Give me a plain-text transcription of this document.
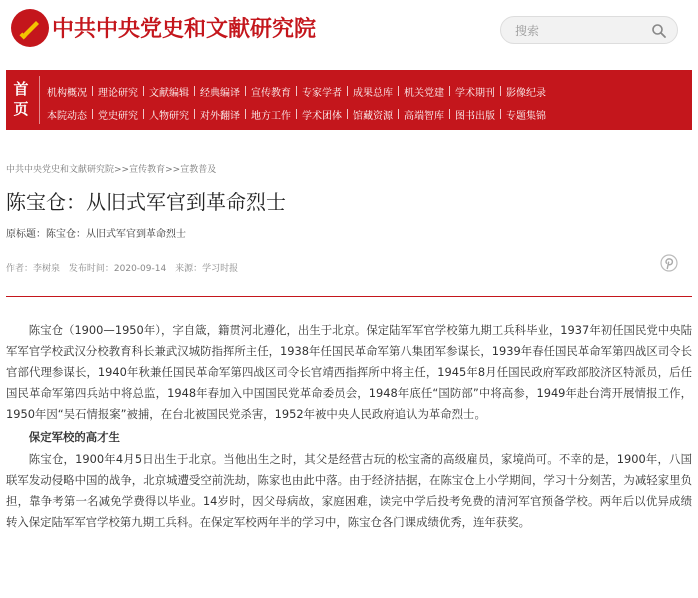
中共中央党史和文献研究院
搜索
首页
机构概况	理论研究	文献编辑	经典编译	宣传教育	专家学者	成果总库	机关党建	学术期刊	影像纪录
本院动态	党史研究	人物研究	对外翻译	地方工作	学术团体	馆藏资源	高端智库	图书出版	专题集锦
中共中央党史和文献研究院>>宣传教育>>宣教普及
陈宝仓：从旧式军官到革命烈士
原标题：陈宝仓：从旧式军官到革命烈士
作者：李树泉 发布时间：2020-09-14 来源：学习时报

陈宝仓（1900—1950年），字自箴，籍贯河北遵化，出生于北京。保定陆军军官学校第九期工兵科毕业，1937年初任国民党中央陆军军官学校武汉分校教育科长兼武汉城防指挥所主任，1938年任国民革命军第八集团军参谋长，1939年春任国民革命军第四战区司令长官部代理参谋长，1940年秋兼任国民革命军第四战区司令长官靖西指挥所中将主任，1945年8月任国民政府军政部胶济区特派员，后任国民革命军第四兵站中将总监，1948年春加入中国国民党革命委员会，1948年底任“国防部”中将高参，1949年赴台湾开展情报工作，1950年因“吴石情报案”被捕，在台北被国民党杀害，1952年被中央人民政府追认为革命烈士。

保定军校的高才生

陈宝仓，1900年4月5日出生于北京。当他出生之时，其父是经营古玩的松宝斋的高级雇员，家境尚可。不幸的是，1900年，八国联军发动侵略中国的战争，北京城遭受空前洗劫，陈家也由此中落。由于经济拮据，在陈宝仓上小学期间，学习十分刻苦，为减轻家里负担，靠争考第一名减免学费得以毕业。14岁时，因父母病故，家庭困难，读完中学后投考免费的清河军官预备学校。两年后以优异成绩转入保定陆军军官学校第九期工兵科。在保定军校两年半的学习中，陈宝仓各门课成绩优秀，连年获奖。
